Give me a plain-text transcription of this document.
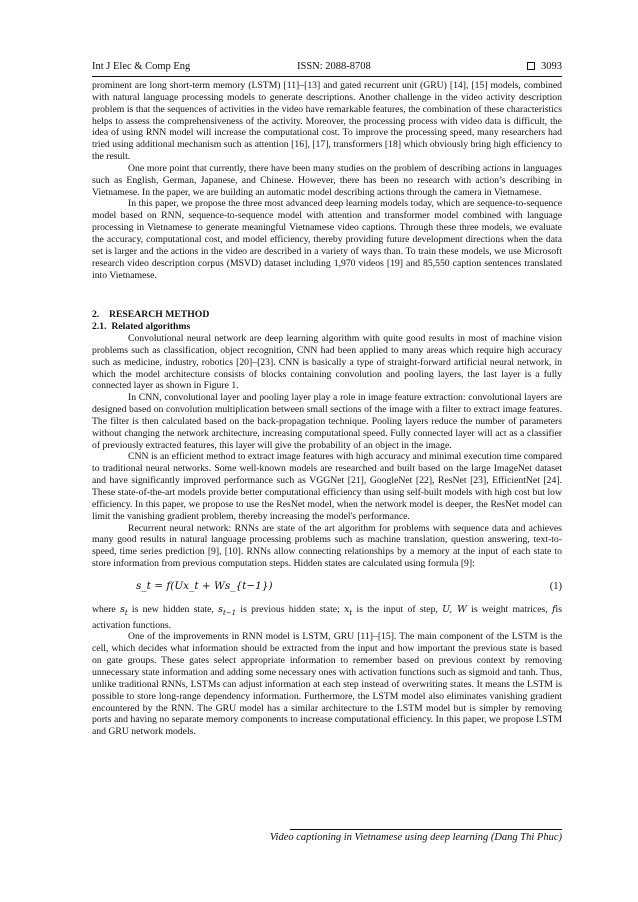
Int J Elec & Comp Eng	ISSN: 2088-8708	3093

prominent are long short-term memory (LSTM) [11]–[13] and gated recurrent unit (GRU) [14], [15] models, combined with natural language processing models to generate descriptions. Another challenge in the video activity description problem is that the sequences of activities in the video have remarkable features, the combination of these characteristics helps to assess the comprehensiveness of the activity. Moreover, the processing process with video data is difficult, the idea of using RNN model will increase the computational cost. To improve the processing speed, many researchers had tried using additional mechanism such as attention [16], [17], transformers [18] which obviously bring high efficiency to the result.

One more point that currently, there have been many studies on the problem of describing actions in languages such as English, German, Japanese, and Chinese. However, there has been no research with action’s describing in Vietnamese. In the paper, we are building an automatic model describing actions through the camera in Vietnamese.

In this paper, we propose the three most advanced deep learning models today, which are sequence-to-sequence model based on RNN, sequence-to-sequence model with attention and transformer model combined with language processing in Vietnamese to generate meaningful Vietnamese video captions. Through these three models, we evaluate the accuracy, computational cost, and model efficiency, thereby providing future development directions when the data set is larger and the actions in the video are described in a variety of ways than. To train these models, we use Microsoft research video description corpus (MSVD) dataset including 1,970 videos [19] and 85,550 caption sentences translated into Vietnamese.

2.    RESEARCH METHOD

2.1.  Related algorithms

Convolutional neural network are deep learning algorithm with quite good results in most of machine vision problems such as classification, object recognition, CNN had been applied to many areas which require high accuracy such as medicine, industry, robotics [20]–[23]. CNN is basically a type of straight-forward artificial neural network, in which the model architecture consists of blocks containing convolution and pooling layers, the last layer is a fully connected layer as shown in Figure 1.

In CNN, convolutional layer and pooling layer play a role in image feature extraction: convolutional layers are designed based on convolution multiplication between small sections of the image with a filter to extract image features. The filter is then calculated based on the back-propagation technique. Pooling layers reduce the number of parameters without changing the network architecture, increasing computational speed. Fully connected layer will act as a classifier of previously extracted features, this layer will give the probability of an object in the image.

CNN is an efficient method to extract image features with high accuracy and minimal execution time compared to traditional neural networks. Some well-known models are researched and built based on the large ImageNet dataset and have significantly improved performance such as VGGNet [21], GoogleNet [22], ResNet [23], EfficientNet [24]. These state-of-the-art models provide better computational efficiency than using self-built models with high cost but low efficiency. In this paper, we propose to use the ResNet model, when the network model is deeper, the ResNet model can limit the vanishing gradient problem, thereby increasing the model's performance.

Recurrent neural network: RNNs are state of the art algorithm for problems with sequence data and achieves many good results in natural language processing problems such as machine translation, question answering, text-to-speed, time series prediction [9], [10]. RNNs allow connecting relationships by a memory at the input of each state to store information from previous computation steps. Hidden states are calculated using formula [9]:

s_t = f(Ux_t + Ws_{t−1})	(1)

where $s_t$ is new hidden state, $s_{t-1}$ is previous hidden state; $x_t$ is the input of step, U, W is weight matrices, fis activation functions.

One of the improvements in RNN model is LSTM, GRU [11]–[15]. The main component of the LSTM is the cell, which decides what information should be extracted from the input and how important the previous state is based on gate groups. These gates select appropriate information to remember based on previous context by removing unnecessary state information and adding some necessary ones with activation functions such as sigmoid and tanh. Thus, unlike traditional RNNs, LSTMs can adjust information at each step instead of overwriting states. It means the LSTM is possible to store long-range dependency information. Furthermore, the LSTM model also eliminates vanishing gradient encountered by the RNN. The GRU model has a similar architecture to the LSTM model but is simpler by removing ports and having no separate memory components to increase computational efficiency. In this paper, we propose LSTM and GRU network models.

Video captioning in Vietnamese using deep learning (Dang Thi Phuc)
